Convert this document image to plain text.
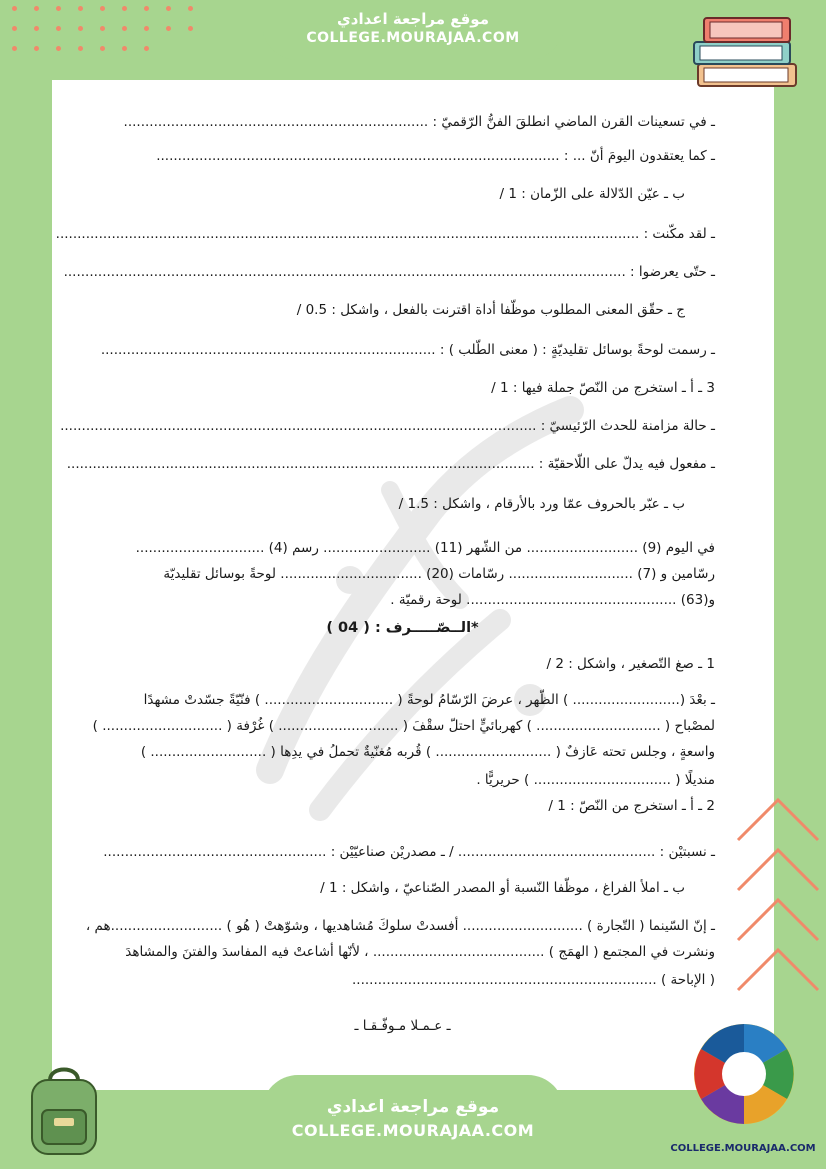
موقع مراجعة اعدادي
COLLEGE.MOURAJAA.COM
ـ في تسعينات القرن الماضي انطلقَ الفنُّ الرّقميّ : .......................................................................
ـ كما يعتقدون اليومَ أنّ ... : ..............................................................................................
ب ـ عيّن الدّلالة على الزّمان : 1 /
ـ لقد مكّنت : ........................................................................................................................................
ـ حتّى يعرضوا : ...................................................................................................................................
ج ـ حقّق المعنى المطلوب موظّفا أداة اقترنت بالفعل ، واشكل : 0.5 /
ـ رسمت لوحةً بوسائل تقليديّةٍ : ( معنى الطّلب ) : ..............................................................................
3 ـ أ ـ استخرج من النّصّ جملة فيها : 1 /
ـ حالة مزامنة للحدث الرّئيسيّ : ...............................................................................................................
ـ مفعول فيه يدلّ على اللّاحقيّة : .............................................................................................................
ب ـ عبّر بالحروف عمّا ورد بالأرقام ، واشكل : 1.5 /
في اليوم (9) .......................... من الشّهر (11) ......................... رسم (4) ..............................
رسّامين و (7) ............................. رسّامات (20) ................................. لوحةً بوسائل تقليديّة
و(63) ................................................. لوحة رقميّة .
*الــصّـــــرف : ( 04 )
1 ـ صغ التّصغير ، واشكل : 2 /
ـ بعْدَ (......................... ) الظّهر ، عرضَ الرّسّامُ لوحةً ( .............................. ) فنّيّةً جسّدتْ مشهدًا
لمصْباح ( ............................. ) كهربائيٍّ احتلّ سقْفَ ( ............................ ) غُرْفة ( ............................ )
واسعةٍ ، وجلس تحته عَازفٌ ( ........................... ) قُربه مُغنّيةٌ تحملُ في يدِها ( ........................... )
منديلًا ( ................................ ) حريريًّا .
2 ـ أ ـ استخرج من النّصّ : 1 /
ـ نسبتيْن : .............................................. / ـ مصدريْن صناعيّيْن : ....................................................
ب ـ املأ الفراغ ، موظّفا النّسبة أو المصدر الصّناعيّ ، واشكل : 1 /
ـ إنّ السّينما ( التّجارة ) ............................ أفسدتْ سلوكَ مُشاهديها ، وشوّهتْ ( هُو ) ..........................هم ،
ونشرت في المجتمع ( الهمَج ) ........................................ ، لأنّها أشاعتْ فيه المفاسدَ والفتنَ والمشاهدَ
( الإباحة ) .......................................................................
ـ عـمـلا مـوفّـقـا ـ
موقع مراجعة اعدادي
COLLEGE.MOURAJAA.COM
COLLEGE.MOURAJAA.COM
